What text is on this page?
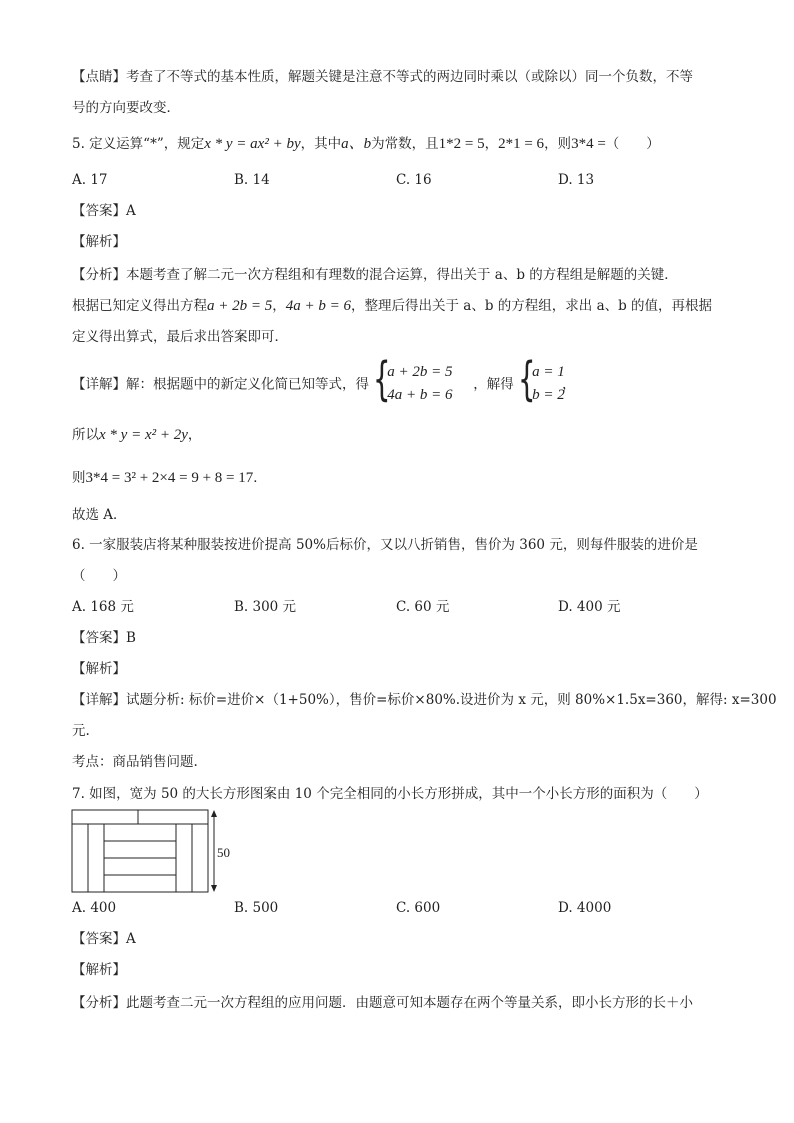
【点睛】考查了不等式的基本性质，解题关键是注意不等式的两边同时乘以（或除以）同一个负数，不等
号的方向要改变．
5. 定义运算“*”，规定x * y = ax² + by，其中a、b为常数，且1*2 = 5，2*1 = 6，则3*4 =（　　）
A. 17	B. 14	C. 16	D. 13
【答案】A
【解析】
【分析】本题考查了解二元一次方程组和有理数的混合运算，得出关于 a、b 的方程组是解题的关键．
根据已知定义得出方程a + 2b = 5，4a + b = 6，整理后得出关于 a、b 的方程组，求出 a、b 的值，再根据
定义得出算式，最后求出答案即可．
【详解】解：根据题中的新定义化简已知等式，得 {
a + 2b = 5
4a + b = 6
，解得 {
a = 1
b = 2
，
所以x * y = x² + 2y，
则3*4 = 3² + 2×4 = 9 + 8 = 17．
故选 A．
6. 一家服装店将某种服装按进价提高 50%后标价，又以八折销售，售价为 360 元，则每件服装的进价是
（　　）
A. 168 元	B. 300 元	C. 60 元	D. 400 元
【答案】B
【解析】
【详解】试题分析: 标价=进价×（1+50%），售价=标价×80%.设进价为 x 元，则 80%×1.5x=360，解得: x=300
元.
考点：商品销售问题.
7. 如图，宽为 50 的大长方形图案由 10 个完全相同的小长方形拼成，其中一个小长方形的面积为（　　）
50
A. 400	B. 500	C. 600	D. 4000
【答案】A
【解析】
【分析】此题考查二元一次方程组的应用问题．由题意可知本题存在两个等量关系，即小长方形的长＋小
